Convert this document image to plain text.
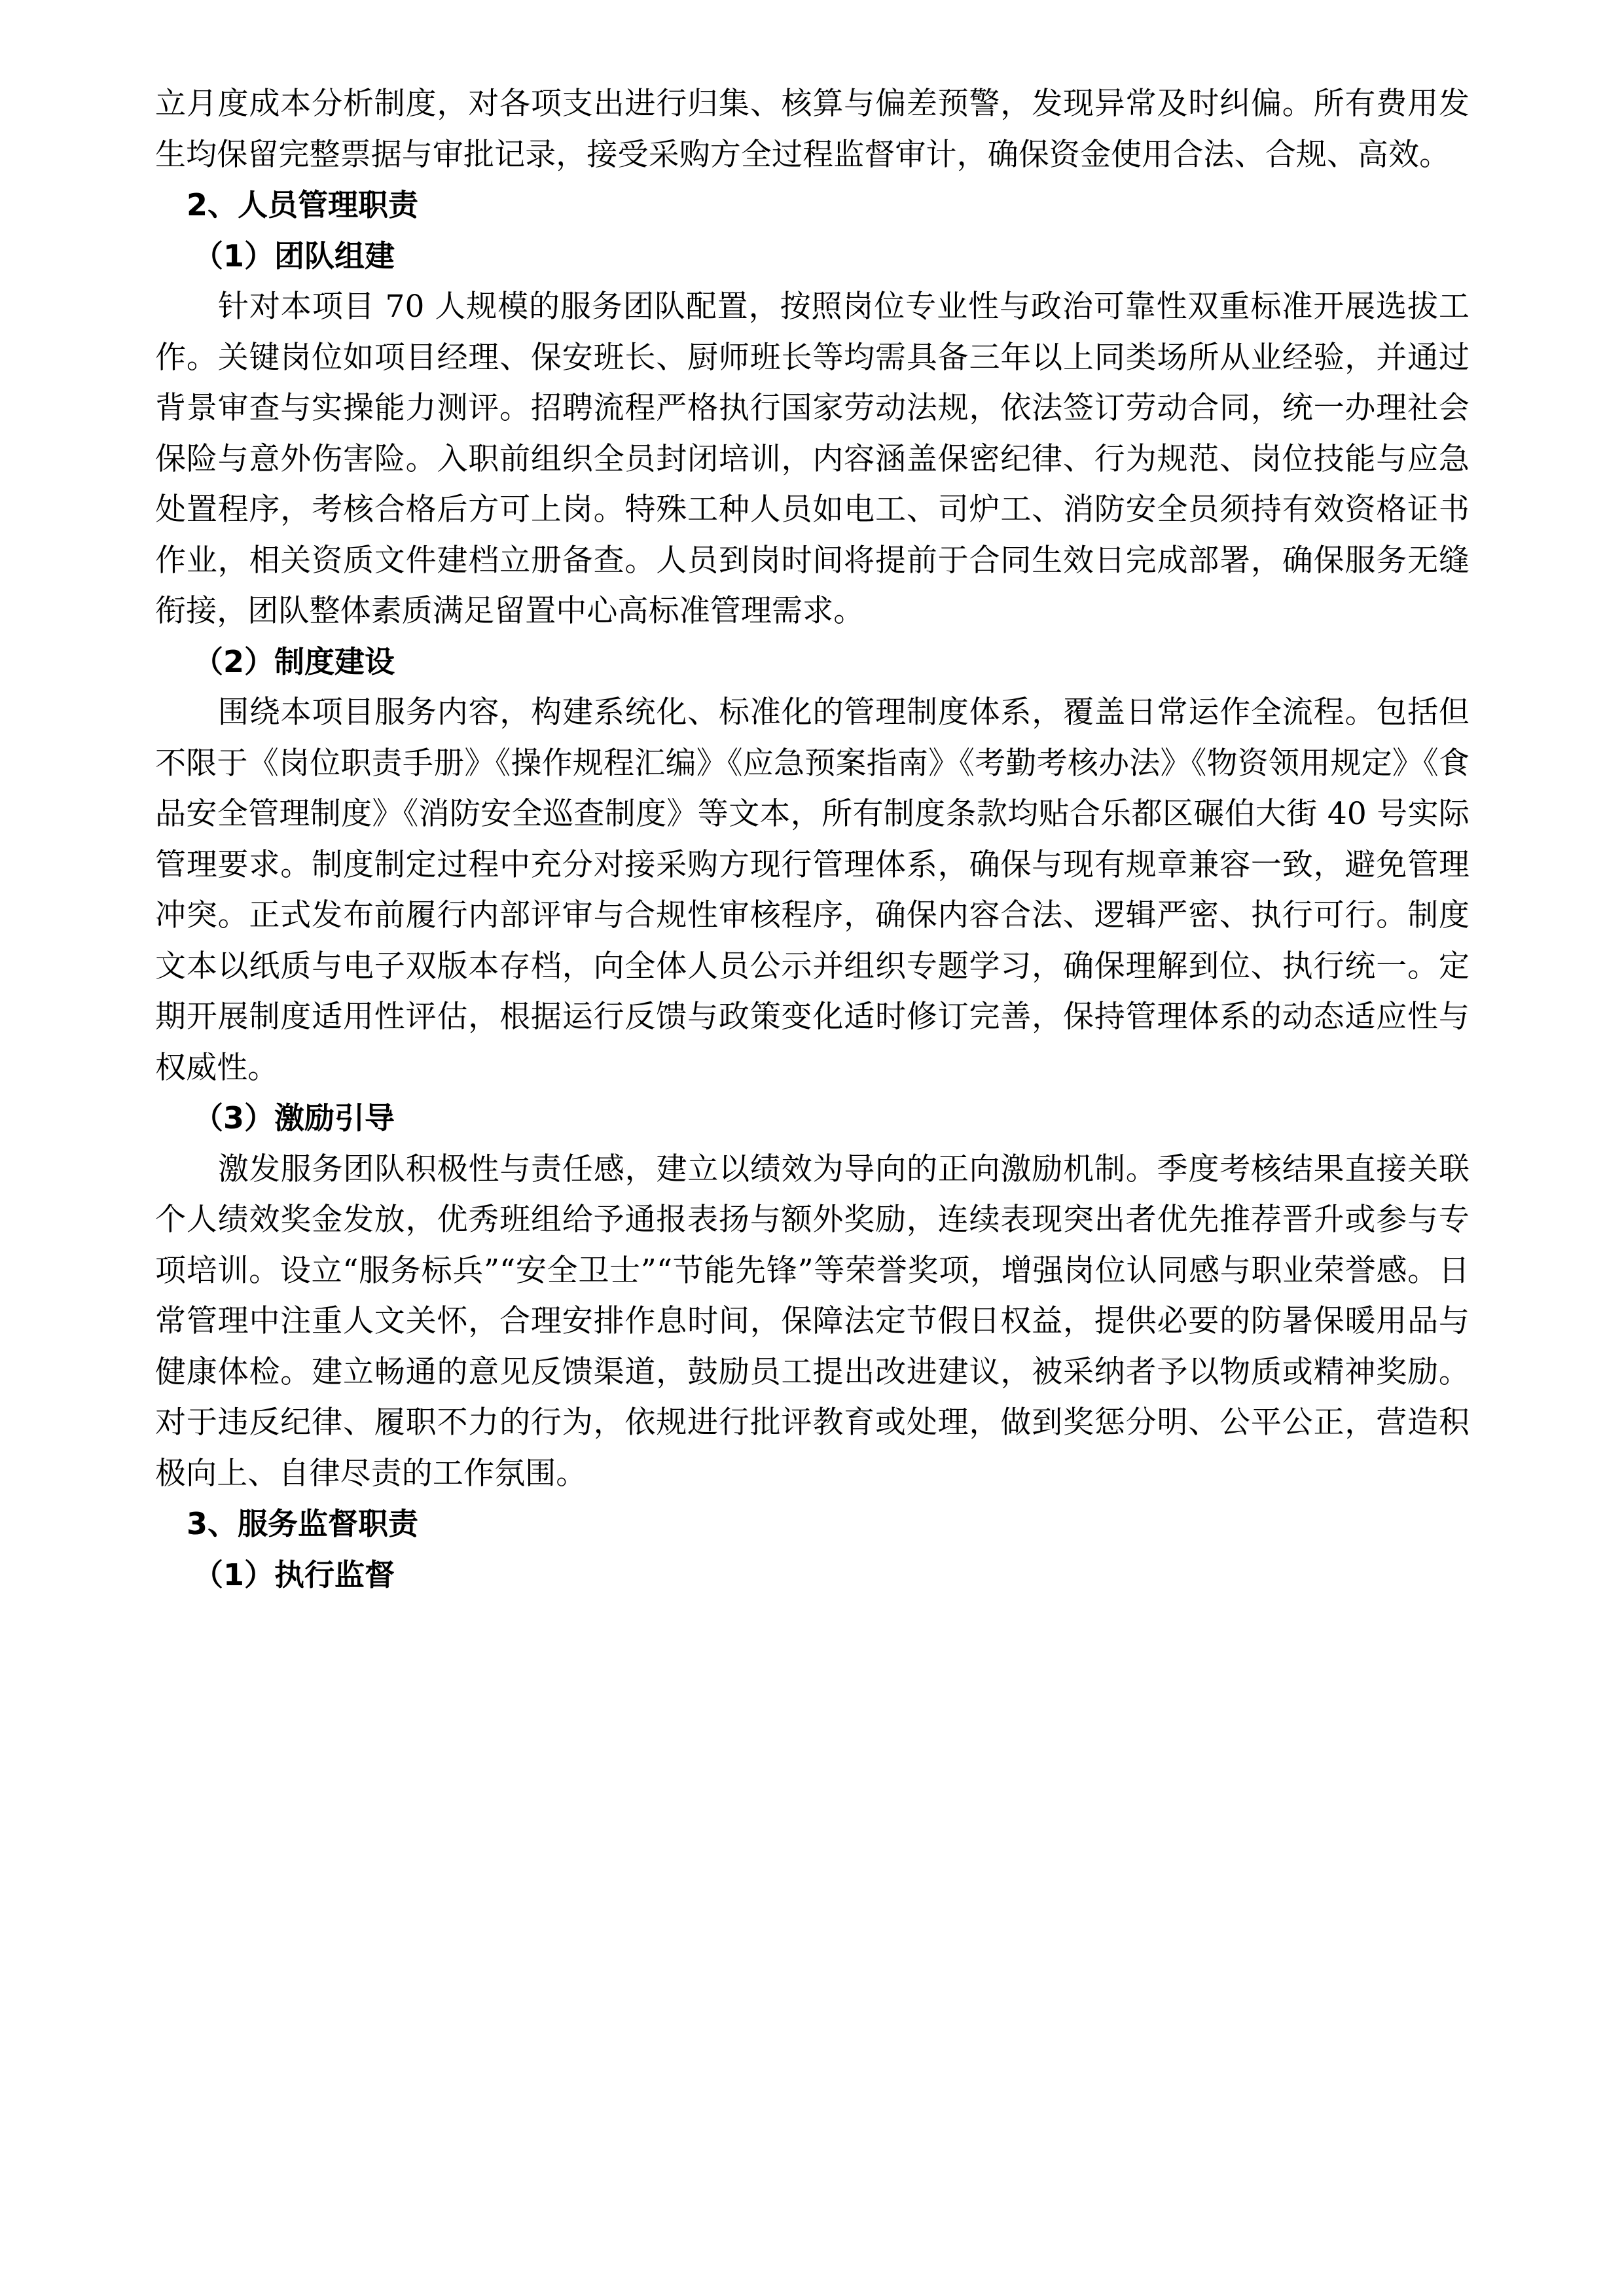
立月度成本分析制度，对各项支出进行归集、核算与偏差预警，发现异常及时纠偏。所有费用发生均保留完整票据与审批记录，接受采购方全过程监督审计，确保资金使用合法、合规、高效。

2、人员管理职责

（1）团队组建

针对本项目 70 人规模的服务团队配置，按照岗位专业性与政治可靠性双重标准开展选拔工作。关键岗位如项目经理、保安班长、厨师班长等均需具备三年以上同类场所从业经验，并通过背景审查与实操能力测评。招聘流程严格执行国家劳动法规，依法签订劳动合同，统一办理社会保险与意外伤害险。入职前组织全员封闭培训，内容涵盖保密纪律、行为规范、岗位技能与应急处置程序，考核合格后方可上岗。特殊工种人员如电工、司炉工、消防安全员须持有效资格证书作业，相关资质文件建档立册备查。人员到岗时间将提前于合同生效日完成部署，确保服务无缝衔接，团队整体素质满足留置中心高标准管理需求。

（2）制度建设

围绕本项目服务内容，构建系统化、标准化的管理制度体系，覆盖日常运作全流程。包括但不限于《岗位职责手册》《操作规程汇编》《应急预案指南》《考勤考核办法》《物资领用规定》《食品安全管理制度》《消防安全巡查制度》等文本，所有制度条款均贴合乐都区碾伯大街 40 号实际管理要求。制度制定过程中充分对接采购方现行管理体系，确保与现有规章兼容一致，避免管理冲突。正式发布前履行内部评审与合规性审核程序，确保内容合法、逻辑严密、执行可行。制度文本以纸质与电子双版本存档，向全体人员公示并组织专题学习，确保理解到位、执行统一。定期开展制度适用性评估，根据运行反馈与政策变化适时修订完善，保持管理体系的动态适应性与权威性。

（3）激励引导

激发服务团队积极性与责任感，建立以绩效为导向的正向激励机制。季度考核结果直接关联个人绩效奖金发放，优秀班组给予通报表扬与额外奖励，连续表现突出者优先推荐晋升或参与专项培训。设立“服务标兵”“安全卫士”“节能先锋”等荣誉奖项，增强岗位认同感与职业荣誉感。日常管理中注重人文关怀，合理安排作息时间，保障法定节假日权益，提供必要的防暑保暖用品与健康体检。建立畅通的意见反馈渠道，鼓励员工提出改进建议，被采纳者予以物质或精神奖励。对于违反纪律、履职不力的行为，依规进行批评教育或处理，做到奖惩分明、公平公正，营造积极向上、自律尽责的工作氛围。

3、服务监督职责

（1）执行监督
